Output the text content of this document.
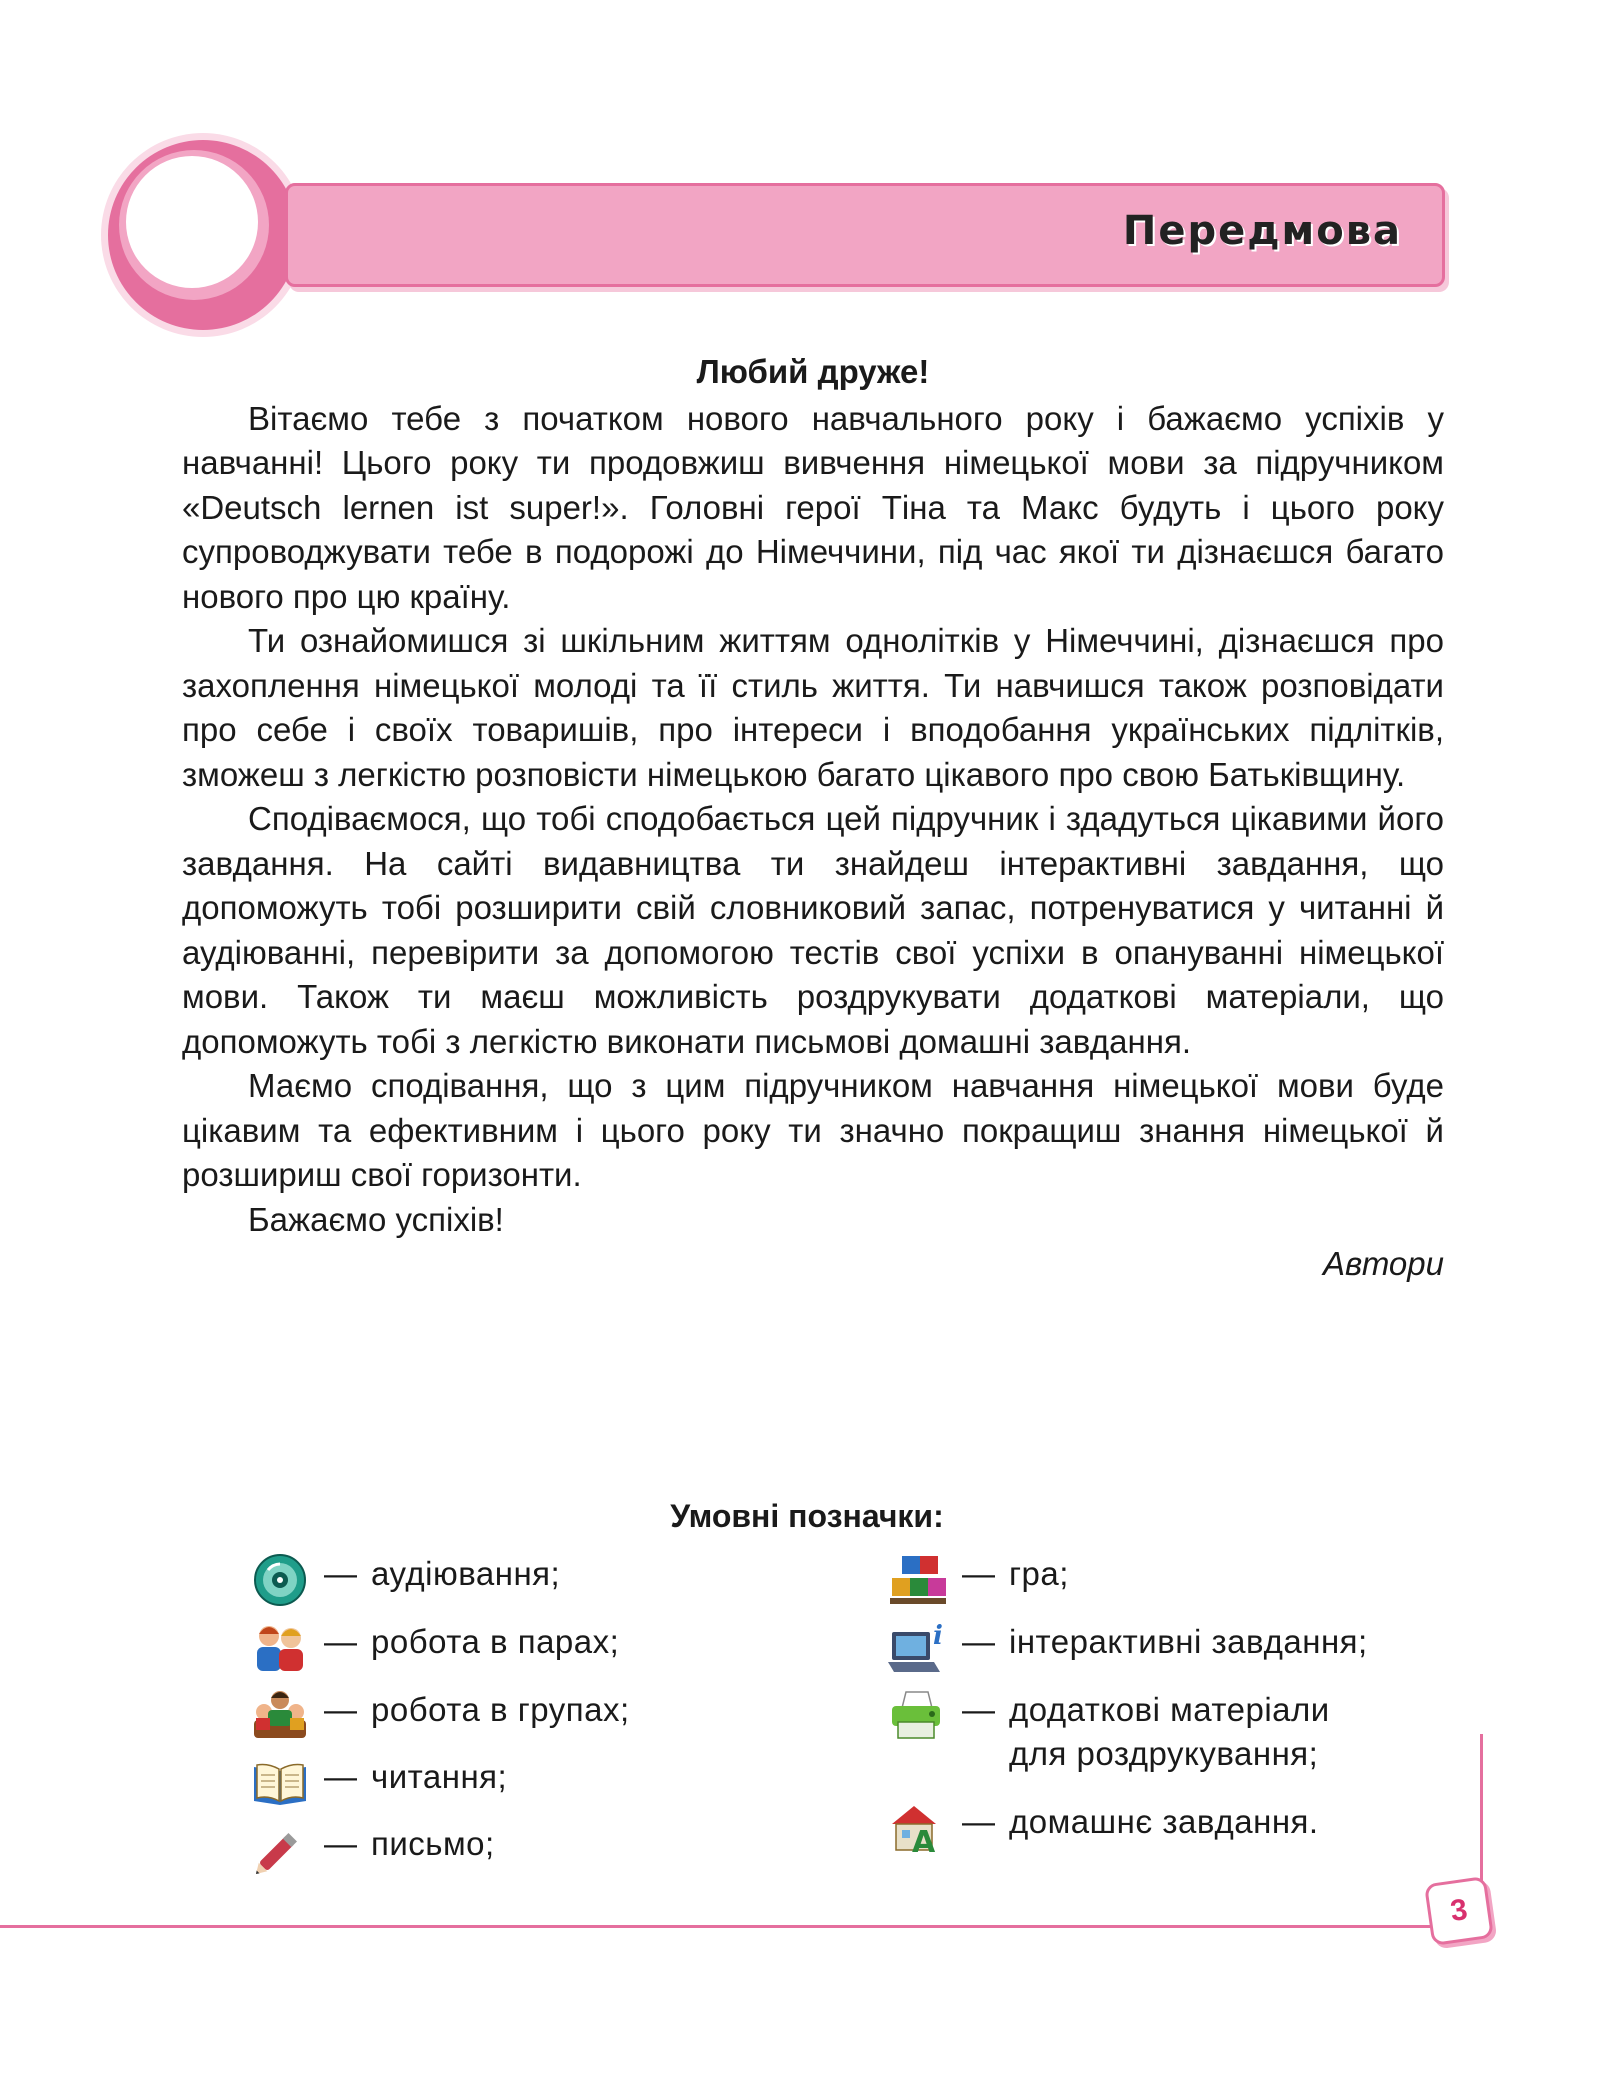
Передмова

Любий друже!

Вітаємо тебе з початком нового навчального року і бажаємо успіхів у навчанні! Цього року ти продовжиш вивчення німецької мови за підручником «Deutsch lernen ist super!». Головні герої Тіна та Макс будуть і цього року супроводжувати тебе в подорожі до Німеччини, під час якої ти дізнаєшся багато нового про цю країну.

Ти ознайомишся зі шкільним життям однолітків у Німеччині, дізнаєшся про захоплення німецької молоді та її стиль життя. Ти навчишся також розповідати про себе і своїх товаришів, про інтереси і вподобання українських підлітків, зможеш з легкістю розповісти німецькою багато цікавого про свою Батьківщину.

Сподіваємося, що тобі сподобається цей підручник і здадуться цікавими його завдання. На сайті видавництва ти знайдеш інтерактивні завдання, що допоможуть тобі розширити свій словниковий запас, потренуватися у читанні й аудіюванні, перевірити за допомогою тестів свої успіхи в опануванні німецької мови. Також ти маєш можливість роздрукувати додаткові матеріали, що допоможуть тобі з легкістю виконати письмові домашні завдання.

Маємо сподівання, що з цим підручником навчання німецької мови буде цікавим та ефективним і цього року ти значно покращиш знання німецької й розшириш свої горизонти.

Бажаємо успіхів!

Автори

Умовні позначки:
— аудіювання;
— робота в парах;
— робота в групах;
— читання;
— письмо;
— гра;
i — інтерактивні завдання;
— додаткові матеріали
для роздрукування;
A
— домашнє завдання.
3
